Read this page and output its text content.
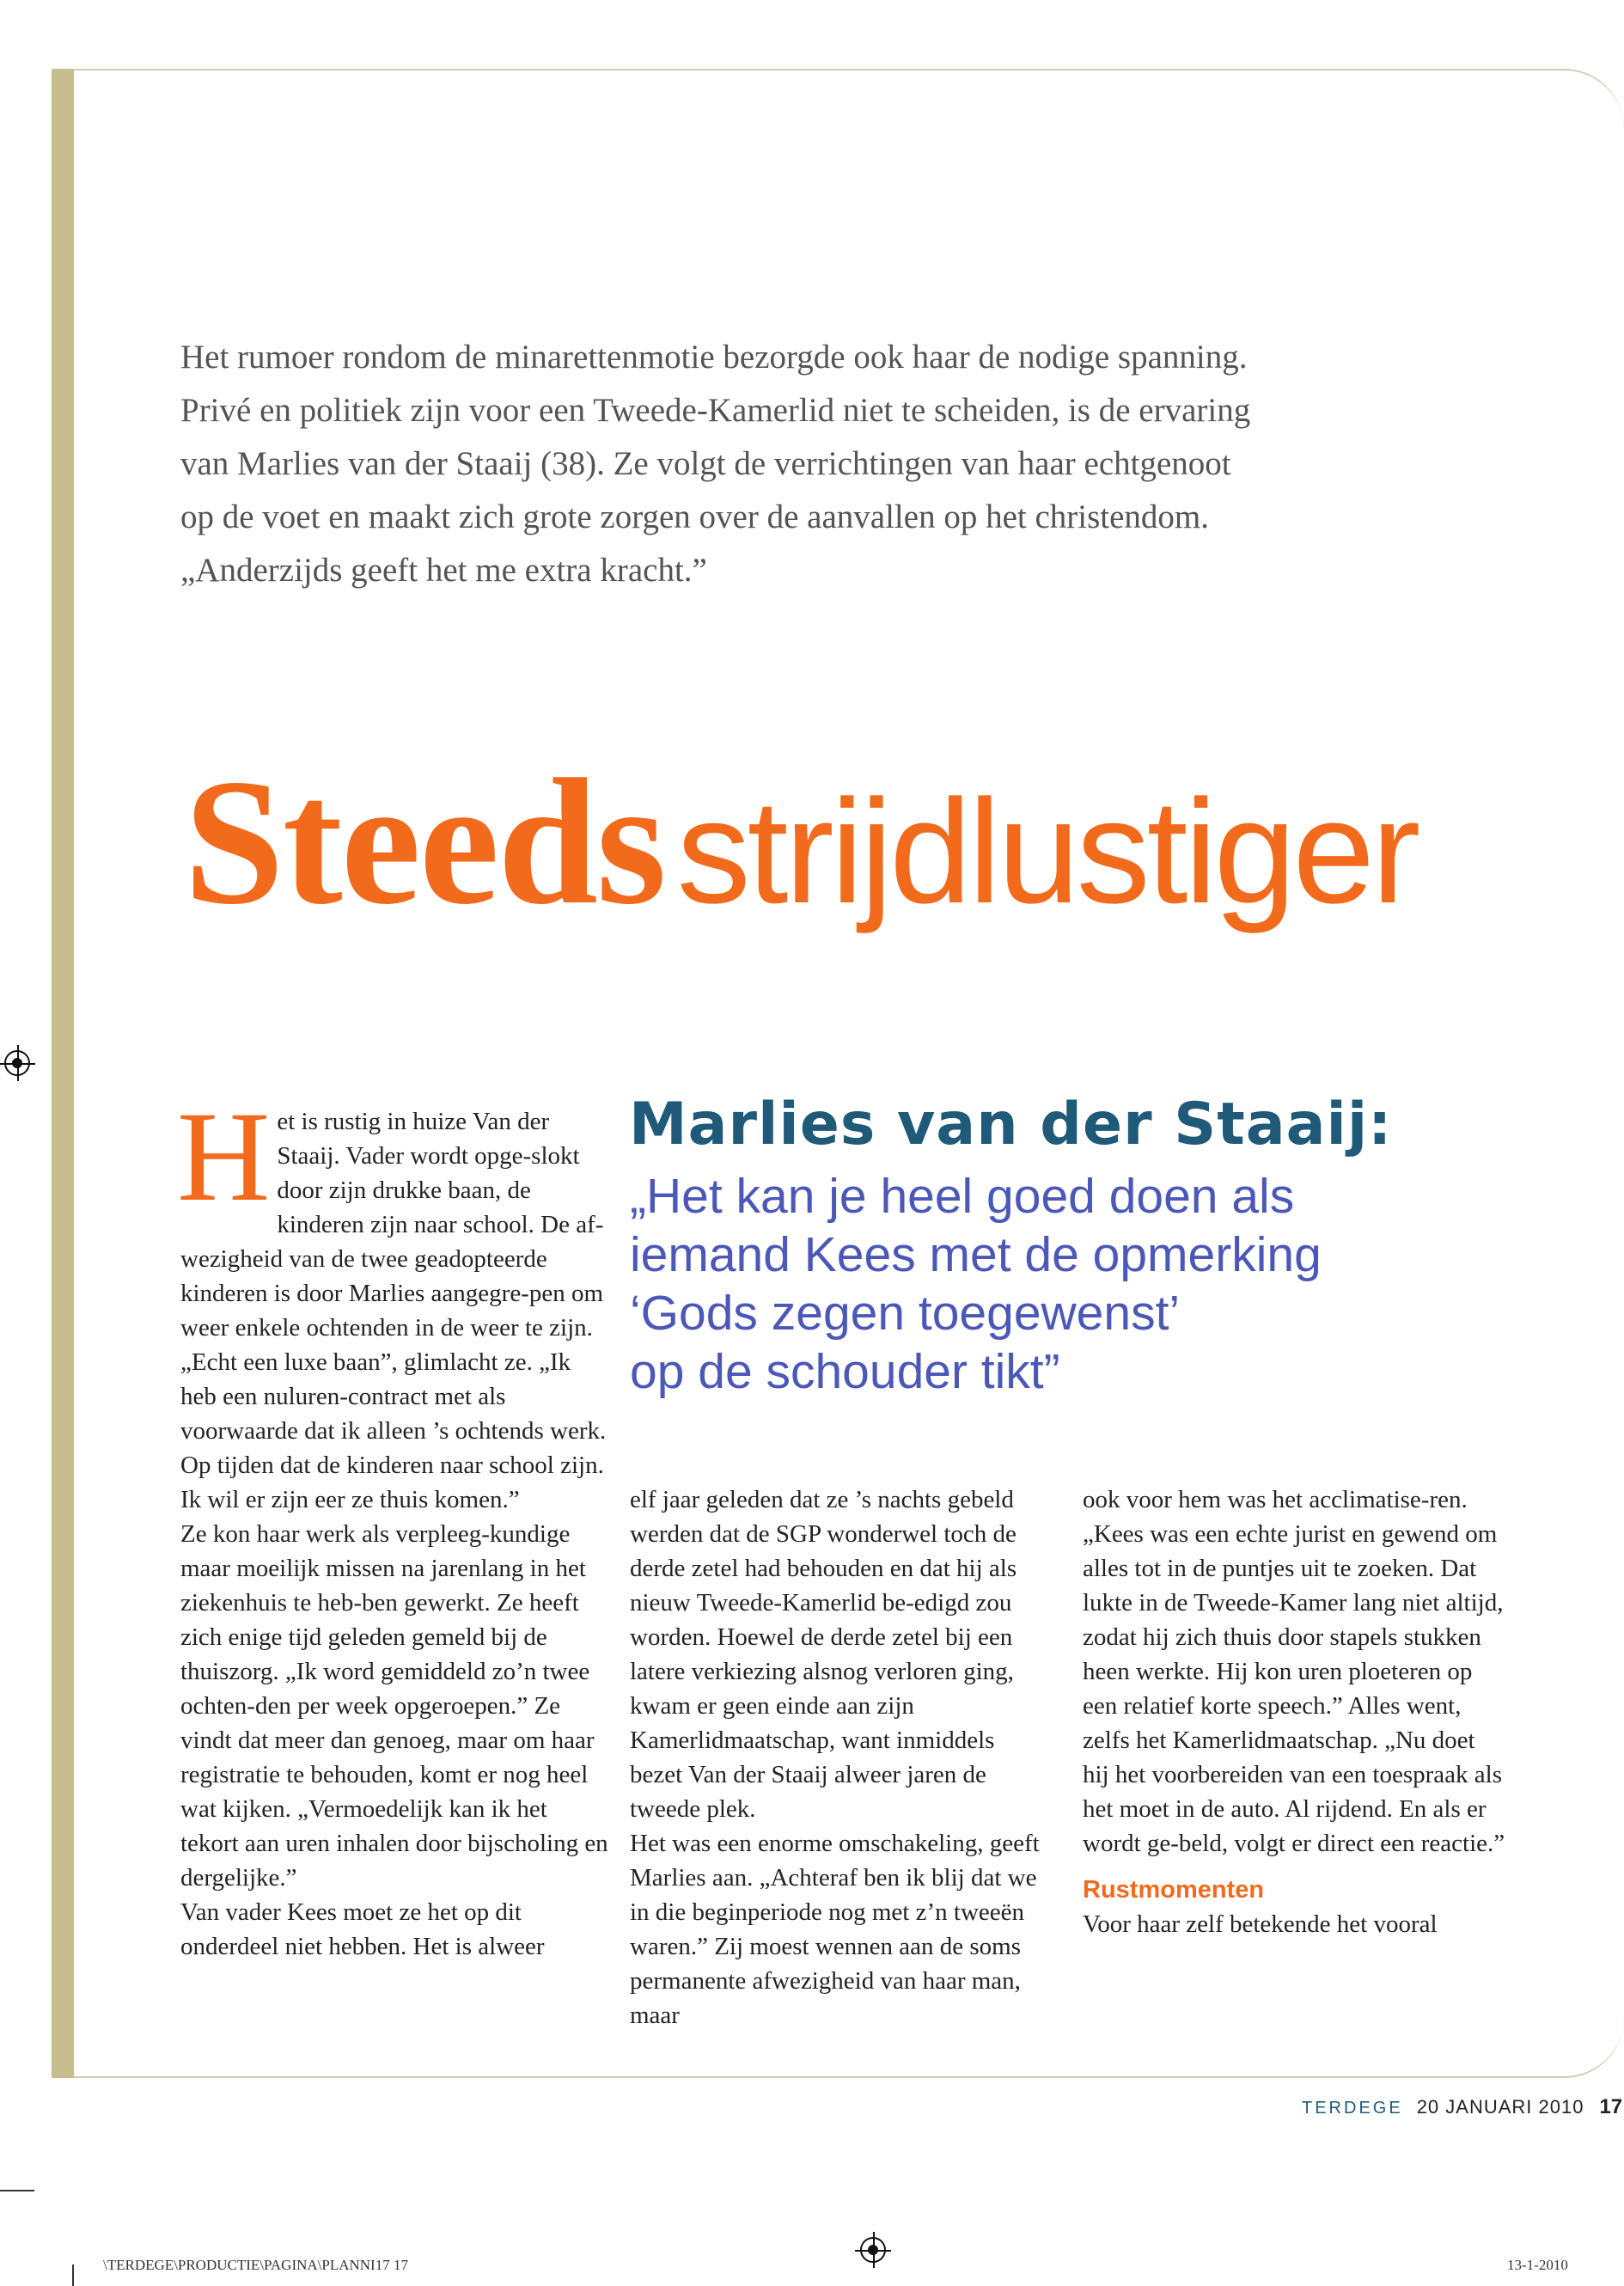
Het rumoer rondom de minarettenmotie bezorgde ook haar de nodige spanning. Privé en politiek zijn voor een Tweede-Kamerlid niet te scheiden, is de ervaring van Marlies van der Staaij (38). Ze volgt de verrichtingen van haar echtgenoot op de voet en maakt zich grote zorgen over de aanvallen op het christendom. „Anderzijds geeft het me extra kracht.”
Steedsstrijdlustiger

Het is rustig in huize Van der Staaij. Vader wordt opge-slokt door zijn drukke baan, de kinderen zijn naar school. De af-wezigheid van de twee geadopteerde kinderen is door Marlies aangegre-pen om weer enkele ochtenden in de weer te zijn. „Echt een luxe baan”, glimlacht ze. „Ik heb een nuluren-contract met als voorwaarde dat ik alleen ’s ochtends werk. Op tijden dat de kinderen naar school zijn. Ik wil er zijn eer ze thuis komen.”

Ze kon haar werk als verpleeg-kundige maar moeilijk missen na jarenlang in het ziekenhuis te heb-ben gewerkt. Ze heeft zich enige tijd geleden gemeld bij de thuiszorg. „Ik word gemiddeld zo’n twee ochten-den per week opgeroepen.” Ze vindt dat meer dan genoeg, maar om haar registratie te behouden, komt er nog heel wat kijken. „Vermoedelijk kan ik het tekort aan uren inhalen door bijscholing en dergelijke.”

Van vader Kees moet ze het op dit onderdeel niet hebben. Het is alweer

Marlies van der Staaij:
„Het kan je heel goed doen als
iemand Kees met de opmerking
‘Gods zegen toegewenst’
op de schouder tikt”

elf jaar geleden dat ze ’s nachts gebeld werden dat de SGP wonderwel toch de derde zetel had behouden en dat hij als nieuw Tweede-Kamerlid be-edigd zou worden. Hoewel de derde zetel bij een latere verkiezing alsnog verloren ging, kwam er geen einde aan zijn Kamerlidmaatschap, want inmiddels bezet Van der Staaij alweer jaren de tweede plek.

Het was een enorme omschakeling, geeft Marlies aan. „Achteraf ben ik blij dat we in die beginperiode nog met z’n tweeën waren.” Zij moest wennen aan de soms permanente afwezigheid van haar man, maar

ook voor hem was het acclimatise-ren. „Kees was een echte jurist en gewend om alles tot in de puntjes uit te zoeken. Dat lukte in de Tweede-Kamer lang niet altijd, zodat hij zich thuis door stapels stukken heen werkte. Hij kon uren ploeteren op een relatief korte speech.” Alles went, zelfs het Kamerlidmaatschap. „Nu doet hij het voorbereiden van een toespraak als het moet in de auto. Al rijdend. En als er wordt ge-beld, volgt er direct een reactie.”

Rustmomenten

Voor haar zelf betekende het vooral

TERDEGE 20 JANUARI 2010 17
\TERDEGE\PRODUCTIE\PAGINA\PLANNI17 17	13-1-2010
